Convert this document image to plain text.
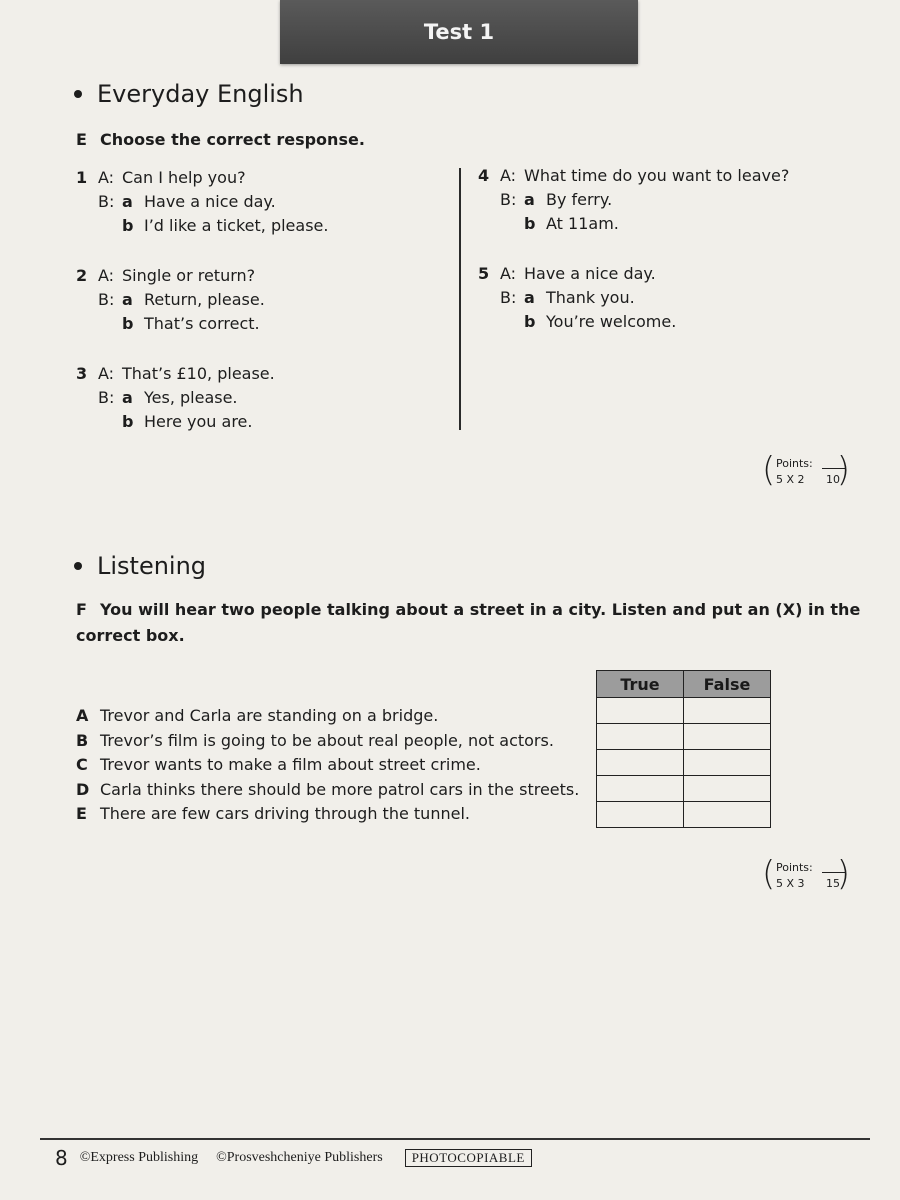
Test 1
Everyday English
E Choose the correct response.
1 A: Can I help you?
B: a Have a nice day.
b I’d like a ticket, please.
2 A: Single or return?
B: a Return, please.
b That’s correct.
3 A: That’s £10, please.
B: a Yes, please.
b Here you are.
4 A: What time do you want to leave?
B: a By ferry.
b At 11am.
5 A: Have a nice day.
B: a Thank you.
b You’re welcome.
( Points:
5 X 2 10
)
Listening
F You will hear two people talking about a street in a city. Listen and put an (X) in the correct box.
A Trevor and Carla are standing on a bridge.
B Trevor’s film is going to be about real people, not actors.
C Trevor wants to make a film about street crime.
D Carla thinks there should be more patrol cars in the streets.
E There are few cars driving through the tunnel.
True	False

( Points:
5 X 3 15
)
8 ©Express Publishing ©Prosveshcheniye Publishers	PHOTOCOPIABLE
